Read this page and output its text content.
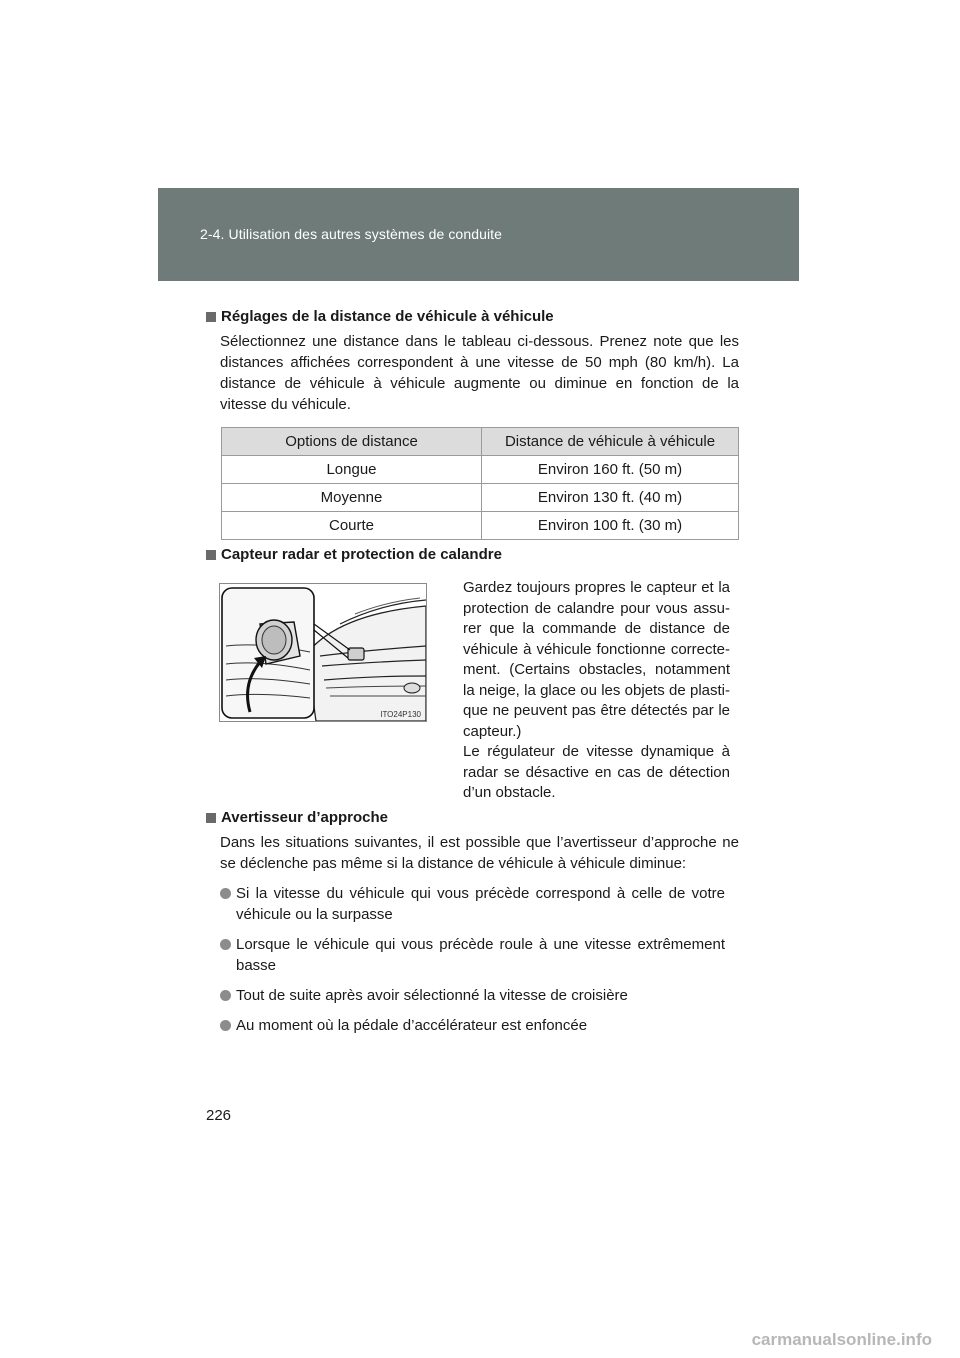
2-4. Utilisation des autres systèmes de conduite
Réglages de la distance de véhicule à véhicule
Sélectionnez une distance dans le tableau ci-dessous. Prenez note que les distances affichées correspondent à une vitesse de 50 mph (80 km/h). La distance de véhicule à véhicule augmente ou diminue en fonction de la vitesse du véhicule.
Options de distance	Distance de véhicule à véhicule
Longue	Environ 160 ft. (50 m)
Moyenne	Environ 130 ft. (40 m)
Courte	Environ 100 ft. (30 m)
Capteur radar et protection de calandre
ITO24P130
Gardez toujours propres le capteur et la protection de calandre pour vous assu-rer que la commande de distance de véhicule à véhicule fonctionne correcte-ment. (Certains obstacles, notamment la neige, la glace ou les objets de plasti-que ne peuvent pas être détectés par le capteur.)
Le régulateur de vitesse dynamique à radar se désactive en cas de détection d’un obstacle.
Avertisseur d’approche
Dans les situations suivantes, il est possible que l’avertisseur d’approche ne se déclenche pas même si la distance de véhicule à véhicule diminue:
Si la vitesse du véhicule qui vous précède correspond à celle de votre véhicule ou la surpasse
Lorsque le véhicule qui vous précède roule à une vitesse extrêmement basse
Tout de suite après avoir sélectionné la vitesse de croisière
Au moment où la pédale d’accélérateur est enfoncée
226
carmanualsonline.info
